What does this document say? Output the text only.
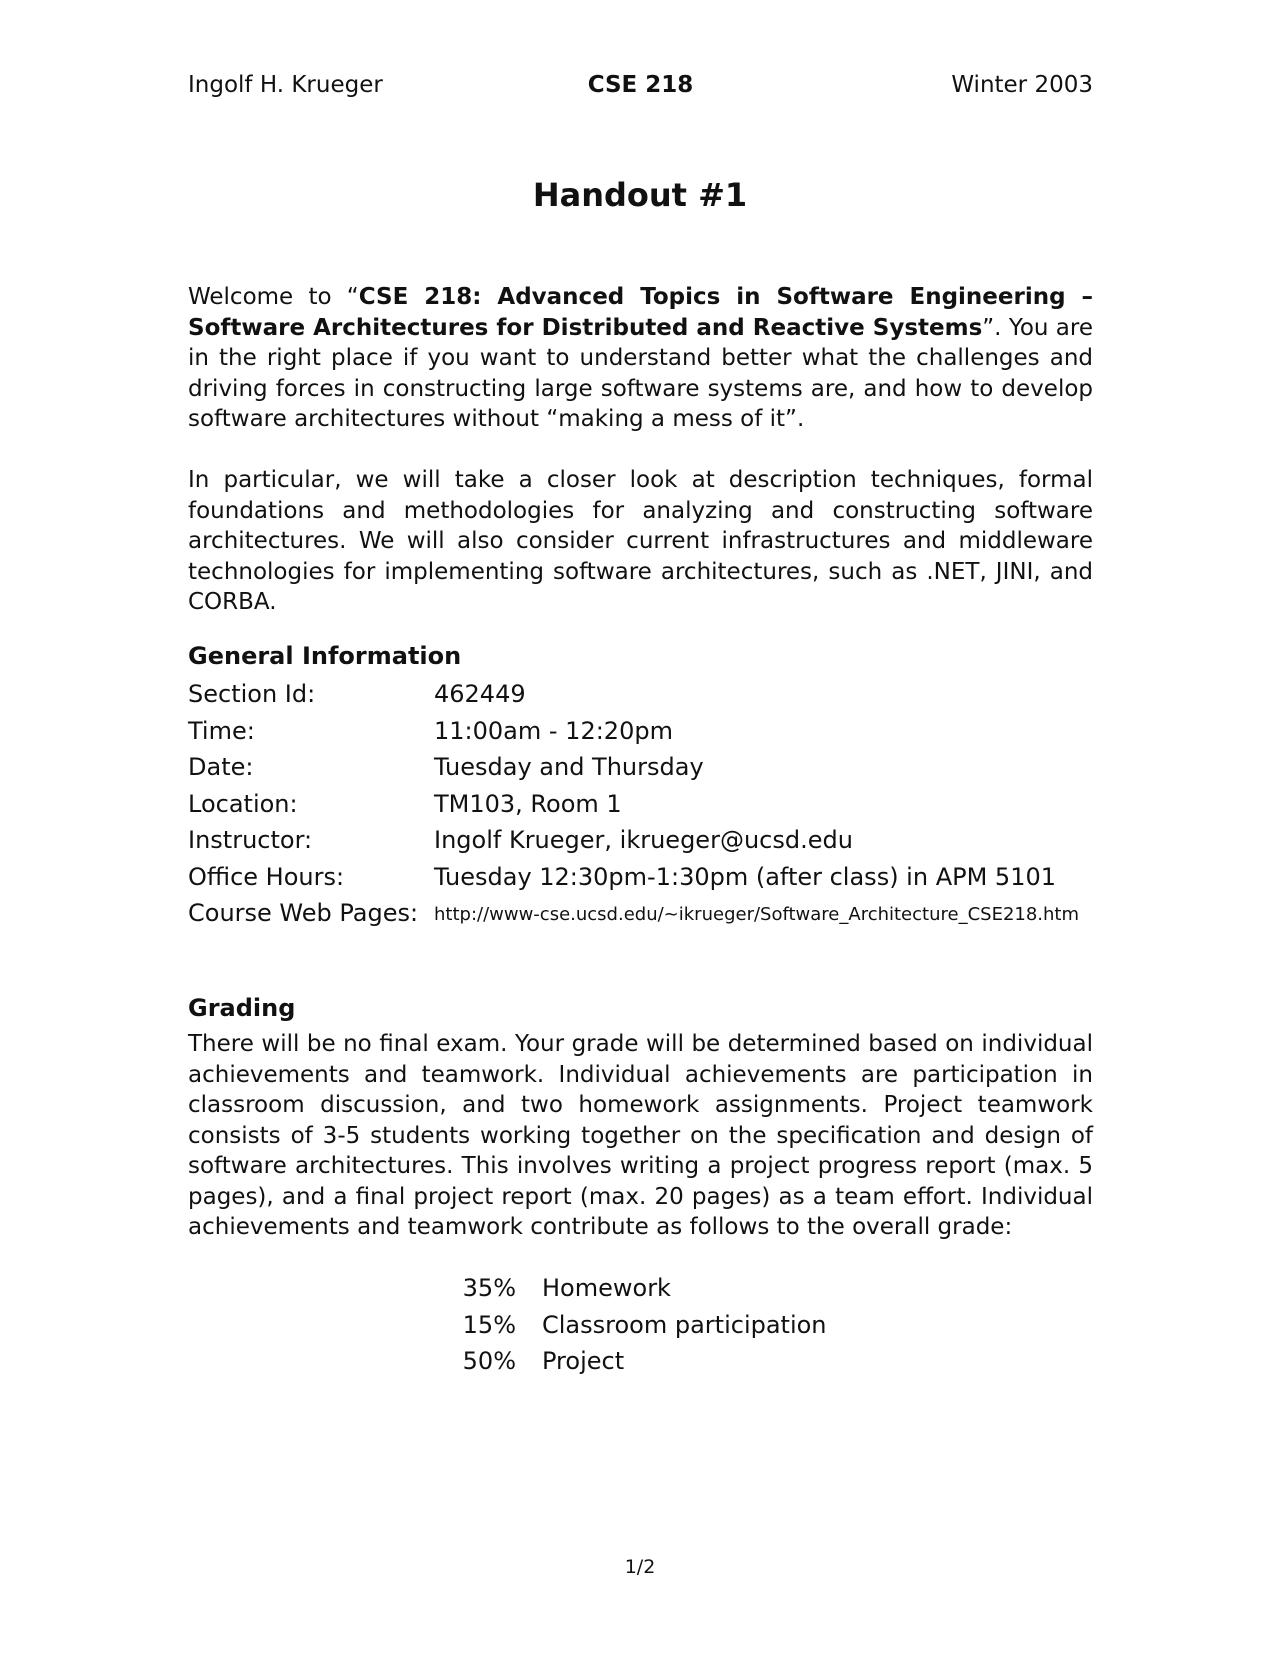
Ingolf H. Krueger	CSE 218	Winter 2003
Handout #1
Welcome to “CSE 218: Advanced Topics in Software Engineering – Software Architectures for Distributed and Reactive Systems”. You are in the right place if you want to understand better what the challenges and driving forces in constructing large software systems are, and how to develop software architectures without “making a mess of it”.
In particular, we will take a closer look at description techniques, formal foundations and methodologies for analyzing and constructing software architectures. We will also consider current infrastructures and middleware technologies for implementing software architectures, such as .NET, JINI, and CORBA.
General Information
Section Id:	462449
Time:	11:00am - 12:20pm
Date:	Tuesday and Thursday
Location:	TM103, Room 1
Instructor:	Ingolf Krueger, ikrueger@ucsd.edu
Office Hours:	Tuesday 12:30pm-1:30pm (after class) in APM 5101
Course Web Pages: http://www-cse.ucsd.edu/~ikrueger/Software_Architecture_CSE218.htm
Grading
There will be no final exam. Your grade will be determined based on individual achievements and teamwork. Individual achievements are participation in classroom discussion, and two homework assignments. Project teamwork consists of 3-5 students working together on the specification and design of software architectures. This involves writing a project progress report (max. 5 pages), and a final project report (max. 20 pages) as a team effort. Individual achievements and teamwork contribute as follows to the overall grade:
35% Homework
15% Classroom participation
50% Project
1/2
